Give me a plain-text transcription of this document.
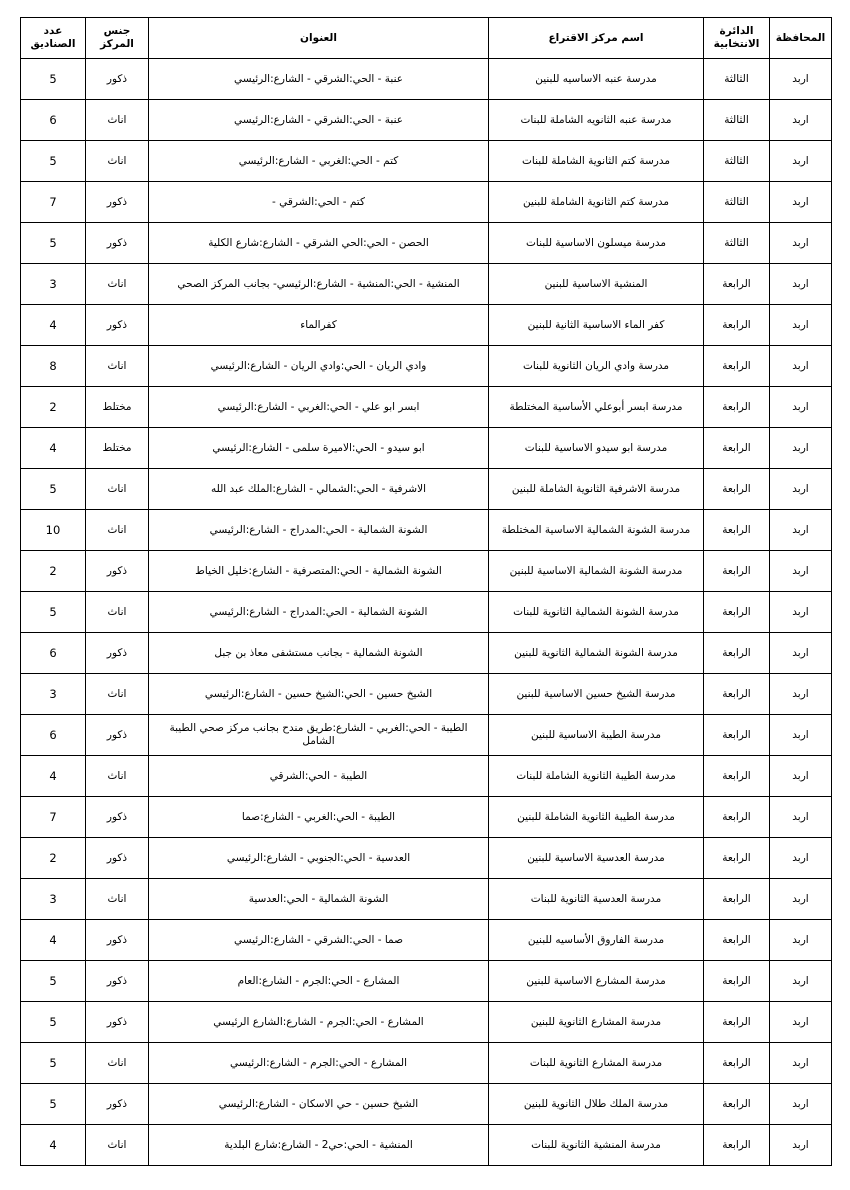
المحافظة	الدائرة الانتخابية	اسم مركز الاقتراع	العنوان	جنس المركز	عدد الصناديق
اربد	الثالثة	مدرسة عنبه الاساسيه للبنين	عنبة - الحي:الشرقي - الشارع:الرئيسي	ذكور	5
اربد	الثالثة	مدرسة عنبه الثانويه الشاملة للبنات	عنبة - الحي:الشرقي - الشارع:الرئيسي	اناث	6
اربد	الثالثة	مدرسة كتم الثانوية الشاملة للبنات	كتم - الحي:الغربي - الشارع:الرئيسي	اناث	5
اربد	الثالثة	مدرسة كتم الثانوية الشاملة للبنين	كتم - الحي:الشرقي -	ذكور	7
اربد	الثالثة	مدرسة ميسلون الاساسية للبنات	الحصن - الحي:الحي الشرقي - الشارع:شارع الكلية	ذكور	5
اربد	الرابعة	المنشية الاساسية للبنين	المنشية - الحي:المنشية - الشارع:الرئيسي- بجانب المركز الصحي	اناث	3
اربد	الرابعة	كفر الماء الاساسية الثانية للبنين	كفرالماء	ذكور	4
اربد	الرابعة	مدرسة وادي الريان الثانوية للبنات	وادي الريان - الحي:وادي الريان - الشارع:الرئيسي	اناث	8
اربد	الرابعة	مدرسة ابسر أبوعلي الأساسية المختلطة	ابسر ابو علي - الحي:الغربي - الشارع:الرئيسي	مختلط	2
اربد	الرابعة	مدرسة ابو سيدو الاساسية للبنات	ابو سيدو - الحي:الاميرة سلمى - الشارع:الرئيسي	مختلط	4
اربد	الرابعة	مدرسة الاشرفية الثانوية الشاملة للبنين	الاشرفية - الحي:الشمالي - الشارع:الملك عبد الله	اناث	5
اربد	الرابعة	مدرسة الشونة الشمالية الاساسية المختلطة	الشونة الشمالية - الحي:المدراج - الشارع:الرئيسي	اناث	10
اربد	الرابعة	مدرسة الشونة الشمالية الاساسية للبنين	الشونة الشمالية - الحي:المتصرفية - الشارع:خليل الخياط	ذكور	2
اربد	الرابعة	مدرسة الشونة الشمالية الثانوية للبنات	الشونة الشمالية - الحي:المدراج - الشارع:الرئيسي	اناث	5
اربد	الرابعة	مدرسة الشونة الشمالية الثانوية للبنين	الشونة الشمالية - بجانب مستشفى معاذ بن جبل	ذكور	6
اربد	الرابعة	مدرسة الشيخ حسين الاساسية للبنين	الشيخ حسين - الحي:الشيخ حسين - الشارع:الرئيسي	اناث	3
اربد	الرابعة	مدرسة الطيبة الاساسية للبنين	الطيبة - الحي:الغربي - الشارع:طريق مندح بجانب مركز صحي الطيبة الشامل	ذكور	6
اربد	الرابعة	مدرسة الطيبة الثانوية الشاملة للبنات	الطيبة - الحي:الشرقي	اناث	4
اربد	الرابعة	مدرسة الطيبة الثانوية الشاملة للبنين	الطيبة - الحي:الغربي - الشارع:صما	ذكور	7
اربد	الرابعة	مدرسة العدسية الاساسية للبنين	العدسية - الحي:الجنوبي - الشارع:الرئيسي	ذكور	2
اربد	الرابعة	مدرسة العدسية الثانوية للبنات	الشونة الشمالية - الحي:العدسية	اناث	3
اربد	الرابعة	مدرسة الفاروق الأساسيه للبنين	صما - الحي:الشرقي - الشارع:الرئيسي	ذكور	4
اربد	الرابعة	مدرسة المشارع الاساسية للبنين	المشارع - الحي:الجرم - الشارع:العام	ذكور	5
اربد	الرابعة	مدرسة المشارع الثانوية للبنين	المشارع - الحي:الجرم - الشارع:الشارع الرئيسي	ذكور	5
اربد	الرابعة	مدرسة المشارع الثانوية للبنات	المشارع - الحي:الجرم - الشارع:الرئيسي	اناث	5
اربد	الرابعة	مدرسة الملك طلال الثانوية للبنين	الشيخ حسين - حي الاسكان - الشارع:الرئيسي	ذكور	5
اربد	الرابعة	مدرسة المنشية الثانوية للبنات	المنشية - الحي:حي2 - الشارع:شارع البلدية	اناث	4
